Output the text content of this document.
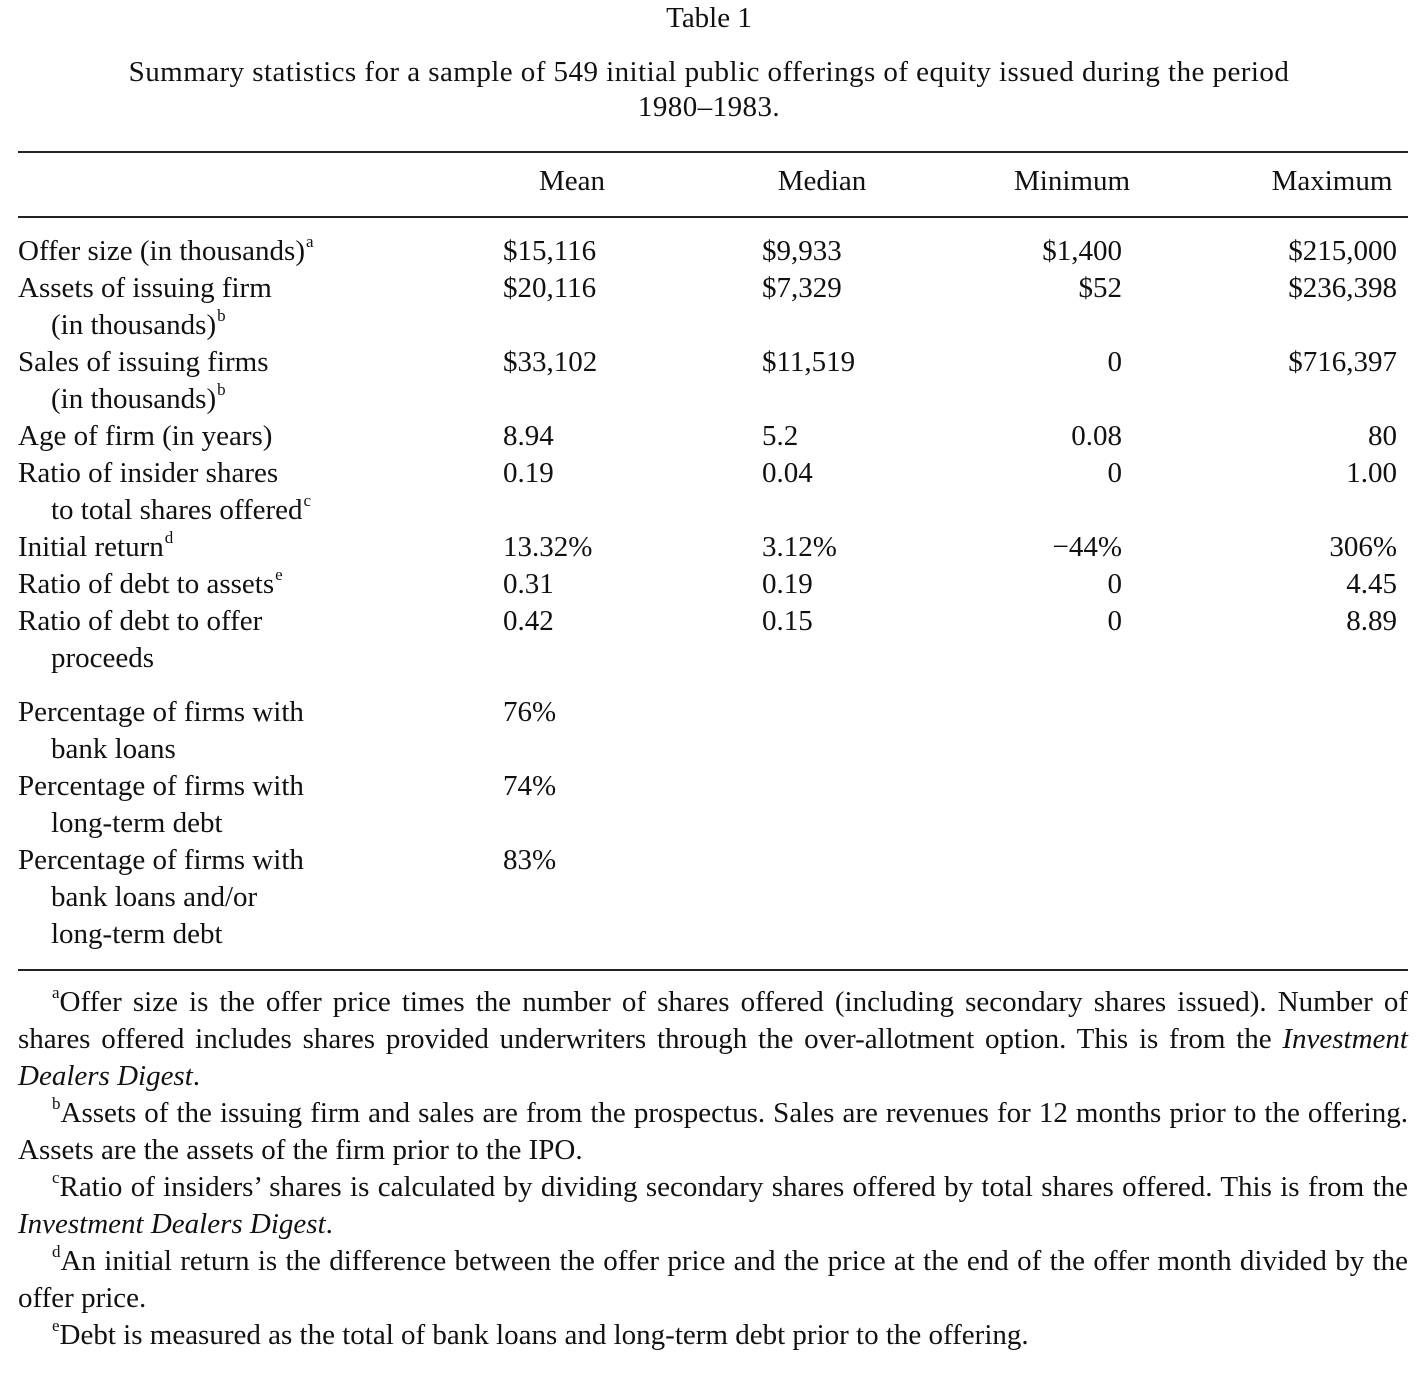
Table 1
Summary statistics for a sample of 549 initial public offerings of equity issued during the period
1980–1983.
Mean	Median	Minimum	Maximum
Offer size (in thousands)$^a$	$15,116	$9,933	$1,400	$215,000
Assets of issuing firm
(in thousands)$^b$
$20,116	$7,329	$52	$236,398
Sales of issuing firms
(in thousands)$^b$
$33,102	$11,519	0	$716,397
Age of firm (in years)	8.94	5.2	0.08	80
Ratio of insider shares
to total shares offered$^c$
0.19	0.04	0	1.00
Initial return$^d$	13.32%	3.12%	−44%	306%
Ratio of debt to assets$^e$	0.31	0.19	0	4.45
Ratio of debt to offer
proceeds
0.42	0.15	0	8.89
Percentage of firms with
bank loans
76%
Percentage of firms with
long-term debt
74%
Percentage of firms with
bank loans and/or
long-term debt
83%

$^a$Offer size is the offer price times the number of shares offered (including secondary shares issued). Number of shares offered includes shares provided underwriters through the over-allotment option. This is from the Investment Dealers Digest.

$^b$Assets of the issuing firm and sales are from the prospectus. Sales are revenues for 12 months prior to the offering. Assets are the assets of the firm prior to the IPO.

$^c$Ratio of insiders’ shares is calculated by dividing secondary shares offered by total shares offered. This is from the Investment Dealers Digest.

$^d$An initial return is the difference between the offer price and the price at the end of the offer month divided by the offer price.

$^e$Debt is measured as the total of bank loans and long-term debt prior to the offering.
